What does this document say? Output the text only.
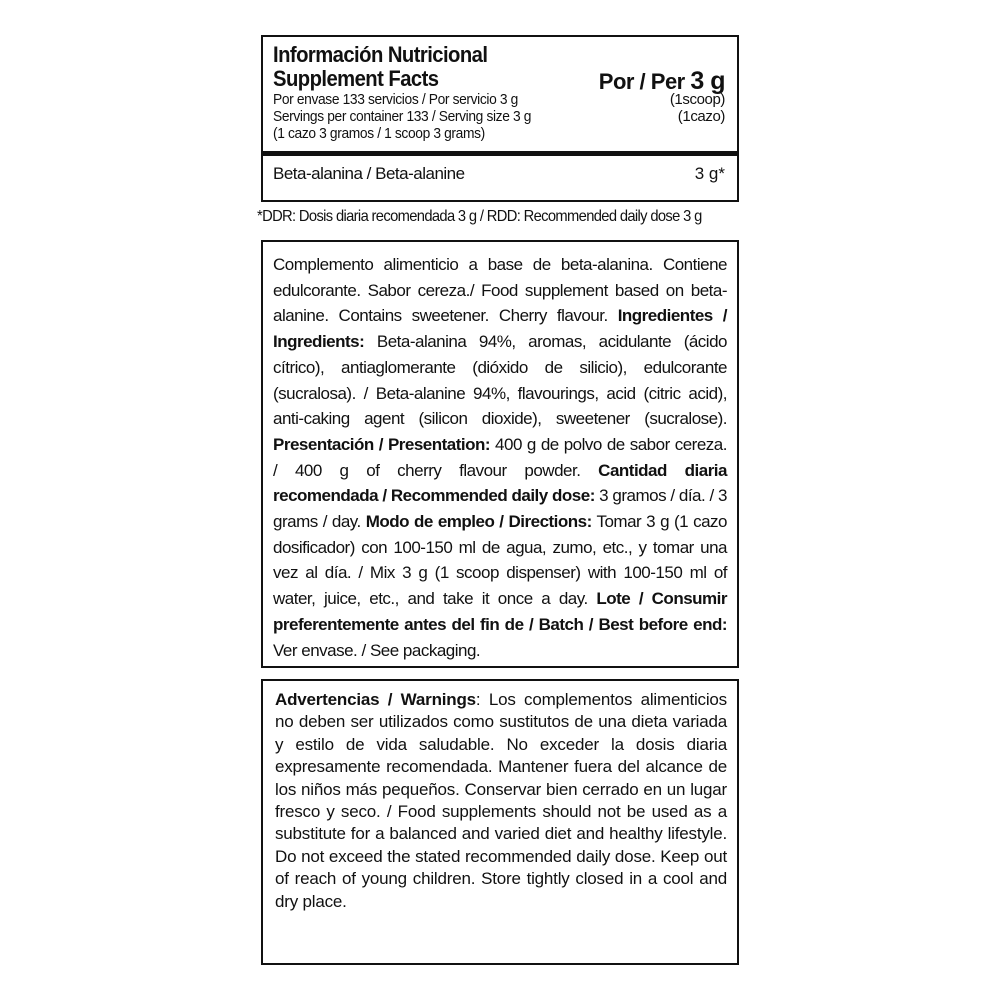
Información Nutricional
Supplement Facts	Por / Per 3 g
Por envase 133 servicios / Por servicio 3 g	(1scoop)
Servings per container 133 / Serving size 3 g	(1cazo)
(1 cazo 3 gramos / 1 scoop 3 grams)
Beta-alanina / Beta-alanine	3 g*
*DDR: Dosis diaria recomendada 3 g / RDD: Recommended daily dose 3 g

Complemento alimenticio a base de beta-alanina. Contiene edulcorante. Sabor cereza./ Food supplement based on beta-alanine. Contains sweetener. Cherry flavour. Ingredientes / Ingredients: Beta-alanina 94%, aromas, acidulante (ácido cítrico), antiaglomerante (dióxido de silicio), edulcorante (sucralosa). / Beta-alanine 94%, flavourings, acid (citric acid), anti-caking agent (silicon dioxide), sweetener (sucralose). Presentación / Presentation: 400 g de polvo de sabor cereza. / 400 g of cherry flavour powder. Cantidad diaria recomendada / Recommended daily dose: 3 gramos / día. / 3 grams / day. Modo de empleo / Directions: Tomar 3 g (1 cazo dosificador) con 100-150 ml de agua, zumo, etc., y tomar una vez al día. / Mix 3 g (1 scoop dispenser) with 100-150 ml of water, juice, etc., and take it once a day. Lote / Consumir preferentemente antes del fin de / Batch / Best before end: Ver envase. / See packaging.

Advertencias / Warnings: Los complementos alimenticios no deben ser utilizados como sustitutos de una dieta variada y estilo de vida saludable. No exceder la dosis diaria expresamente recomendada. Mantener fuera del alcance de los niños más pequeños. Conservar bien cerrado en un lugar fresco y seco. / Food supplements should not be used as a substitute for a balanced and varied diet and healthy lifestyle. Do not exceed the stated recommended daily dose. Keep out of reach of young children. Store tightly closed in a cool and dry place.
